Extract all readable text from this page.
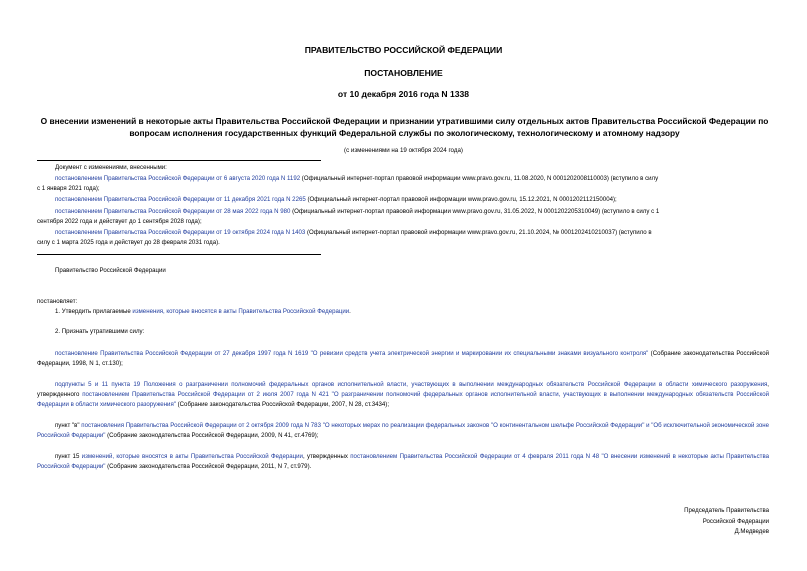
ПРАВИТЕЛЬСТВО РОССИЙСКОЙ ФЕДЕРАЦИИ
ПОСТАНОВЛЕНИЕ
от 10 декабря 2016 года N 1338
О внесении изменений в некоторые акты Правительства Российской Федерации и признании утратившими силу отдельных актов Правительства Российской Федерации по вопросам исполнения государственных функций Федеральной службы по экологическому, технологическому и атомному надзору
(с изменениями на 19 октября 2024 года)
Документ с изменениями, внесенными:
постановлением Правительства Российской Федерации от 6 августа 2020 года N 1192 (Официальный интернет-портал правовой информации www.pravo.gov.ru, 11.08.2020, N 0001202008110003) (вступило в силу
с 1 января 2021 года);
постановлением Правительства Российской Федерации от 11 декабря 2021 года N 2265 (Официальный интернет-портал правовой информации www.pravo.gov.ru, 15.12.2021, N 0001202112150004);
постановлением Правительства Российской Федерации от 28 мая 2022 года N 980 (Официальный интернет-портал правовой информации www.pravo.gov.ru, 31.05.2022, N 0001202205310049) (вступило в силу с 1
сентября 2022 года и действует до 1 сентября 2028 года);
постановлением Правительства Российской Федерации от 19 октября 2024 года N 1403 (Официальный интернет-портал правовой информации www.pravo.gov.ru, 21.10.2024, № 0001202410210037) (вступило в
силу с 1 марта 2025 года и действует до 28 февраля 2031 года).
Правительство Российской Федерации
постановляет:
1. Утвердить прилагаемые изменения, которые вносятся в акты Правительства Российской Федерации.
2. Признать утратившими силу:
постановление Правительства Российской Федерации от 27 декабря 1997 года N 1619 "О ревизии средств учета электрической энергии и маркировании их специальными знаками визуального контроля" (Собрание законодательства Российской Федерации, 1998, N 1, ст.130);
подпункты 5 и 11 пункта 19 Положения о разграничении полномочий федеральных органов исполнительной власти, участвующих в выполнении международных обязательств Российской Федерации в области химического разоружения, утвержденного постановлением Правительства Российской Федерации от 2 июля 2007 года N 421 "О разграничении полномочий федеральных органов исполнительной власти, участвующих в выполнении международных обязательств Российской Федерации в области химического разоружения" (Собрание законодательства Российской Федерации, 2007, N 28, ст.3434);
пункт "в" постановления Правительства Российской Федерации от 2 октября 2009 года N 783 "О некоторых мерах по реализации федеральных законов "О континентальном шельфе Российской Федерации" и "Об исключительной экономической зоне Российской Федерации" (Собрание законодательства Российской Федерации, 2009, N 41, ст.4769);
пункт 15 изменений, которые вносятся в акты Правительства Российской Федерации, утвержденных постановлением Правительства Российской Федерации от 4 февраля 2011 года N 48 "О внесении изменений в некоторые акты Правительства Российской Федерации" (Собрание законодательства Российской Федерации, 2011, N 7, ст.979).
Председатель Правительства
Российской Федерации
Д.Медведев
